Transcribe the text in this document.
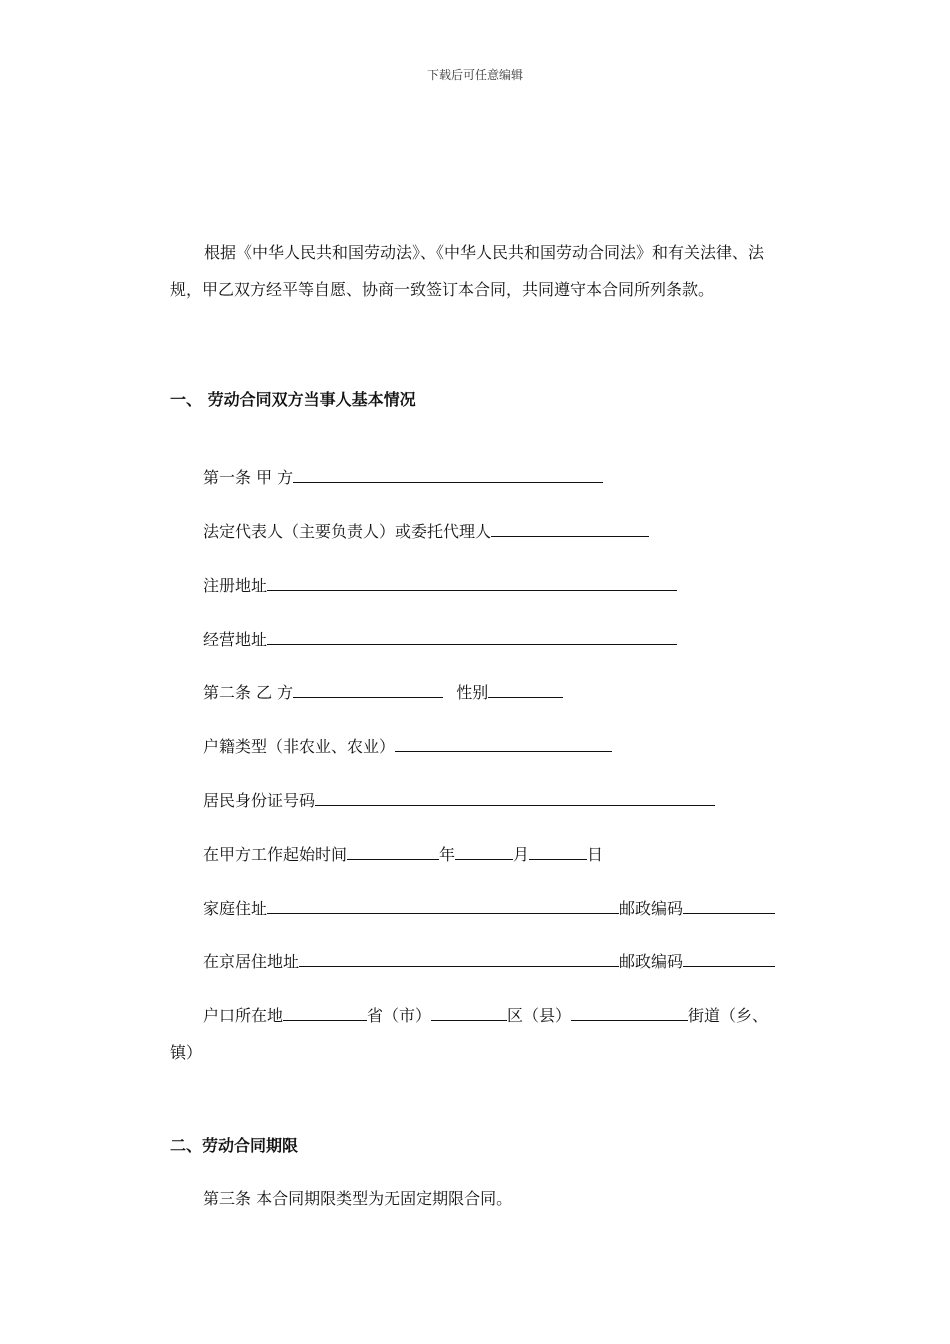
下载后可任意编辑
根据《中华人民共和国劳动法》、《中华人民共和国劳动合同法》和有关法律、法规，甲乙双方经平等自愿、协商一致签订本合同，共同遵守本合同所列条款。
一、 劳动合同双方当事人基本情况
第一条 甲 方
法定代表人（主要负责人）或委托代理人
注册地址
经营地址
第二条 乙 方	性别
户籍类型（非农业、农业）
居民身份证号码
在甲方工作起始时间	年	月	日
家庭住址	邮政编码
在京居住地址	邮政编码
户口所在地	省（市）	区（县）	街道（乡、
镇）
二、劳动合同期限
第三条 本合同期限类型为无固定期限合同。
